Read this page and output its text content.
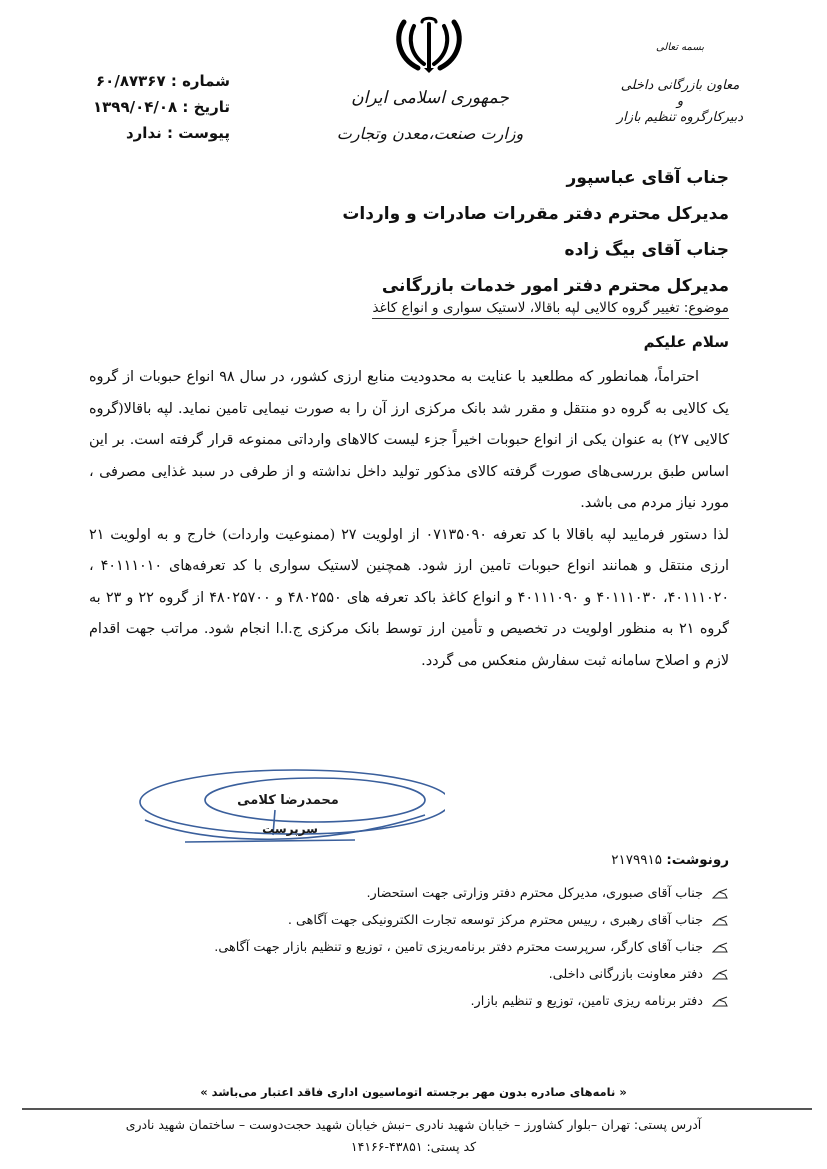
شماره : ۶۰/۸۷۳۶۷
تاریخ : ۱۳۹۹/۰۴/۰۸
پیوست : ندارد
جمهوری اسلامی ایران
وزارت صنعت،معدن وتجارت
بسمه تعالی
معاون بازرگانی داخلی
و
دبیرکارگروه تنظیم بازار
جناب آقای عباسپور
مدیرکل محترم دفتر مقررات صادرات و واردات
جناب آقای بیگ زاده
مدیرکل محترم دفتر امور خدمات بازرگانی
موضوع: تغییر گروه کالایی لپه باقالا، لاستیک سواری و انواع کاغذ
سلام علیکم

احتراماً، همانطور که مطلعید با عنایت به محدودیت منابع ارزی کشور، در سال ۹۸ انواع حبوبات از گروه یک کالایی به گروه دو منتقل و مقرر شد بانک مرکزی ارز آن را به صورت نیمایی تامین نماید. لپه باقالا(گروه کالایی ۲۷) به عنوان یکی از انواع حبوبات اخیراً جزء لیست کالاهای وارداتی ممنوعه قرار گرفته است. بر این اساس طبق بررسی‌های صورت گرفته کالای مذکور تولید داخل نداشته و از طرفی در سبد غذایی مصرفی ، مورد نیاز مردم می باشد.

لذا دستور فرمایید لپه باقالا با کد تعرفه ۰۷۱۳۵۰۹۰ از اولویت ۲۷ (ممنوعیت واردات) خارج و به اولویت ۲۱ ارزی منتقل و همانند انواع حبوبات تامین ارز شود. همچنین لاستیک سواری با کد تعرفه‌های ۴۰۱۱۱۰۱۰ ، ۴۰۱۱۱۰۲۰، ۴۰۱۱۱۰۳۰ و ۴۰۱۱۱۰۹۰ و انواع کاغذ باکد تعرفه های ۴۸۰۲۵۵۰ و ۴۸۰۲۵۷۰۰ از گروه ۲۲ و ۲۳ به گروه ۲۱ به منظور اولویت در تخصیص و تأمین ارز توسط بانک مرکزی ج.ا.ا انجام شود. مراتب جهت اقدام لازم و اصلاح سامانه ثبت سفارش منعکس می گردد.

محمدرضا کلامی
سرپرست
رونوشت: ۲۱۷۹۹۱۵
جناب آقای صبوری، مدیرکل محترم دفتر وزارتی جهت استحضار.
جناب آقای رهبری ، رییس محترم مرکز توسعه تجارت الکترونیکی جهت آگاهی .
جناب آقای کارگر، سرپرست محترم دفتر برنامه‌ریزی تامین ، توزیع و تنظیم بازار جهت آگاهی.
دفتر معاونت بازرگانی داخلی.
دفتر برنامه ریزی تامین، توزیع و تنظیم بازار.
« نامه‌های صادره بدون مهر برجسته اتوماسیون اداری فاقد اعتبار می‌باشد »
آدرس پستی: تهران –بلوار کشاورز – خیابان شهید نادری –نبش خیابان شهید حجت‌دوست – ساختمان شهید نادری
کد پستی: ۴۳۸۵۱-۱۴۱۶۶
